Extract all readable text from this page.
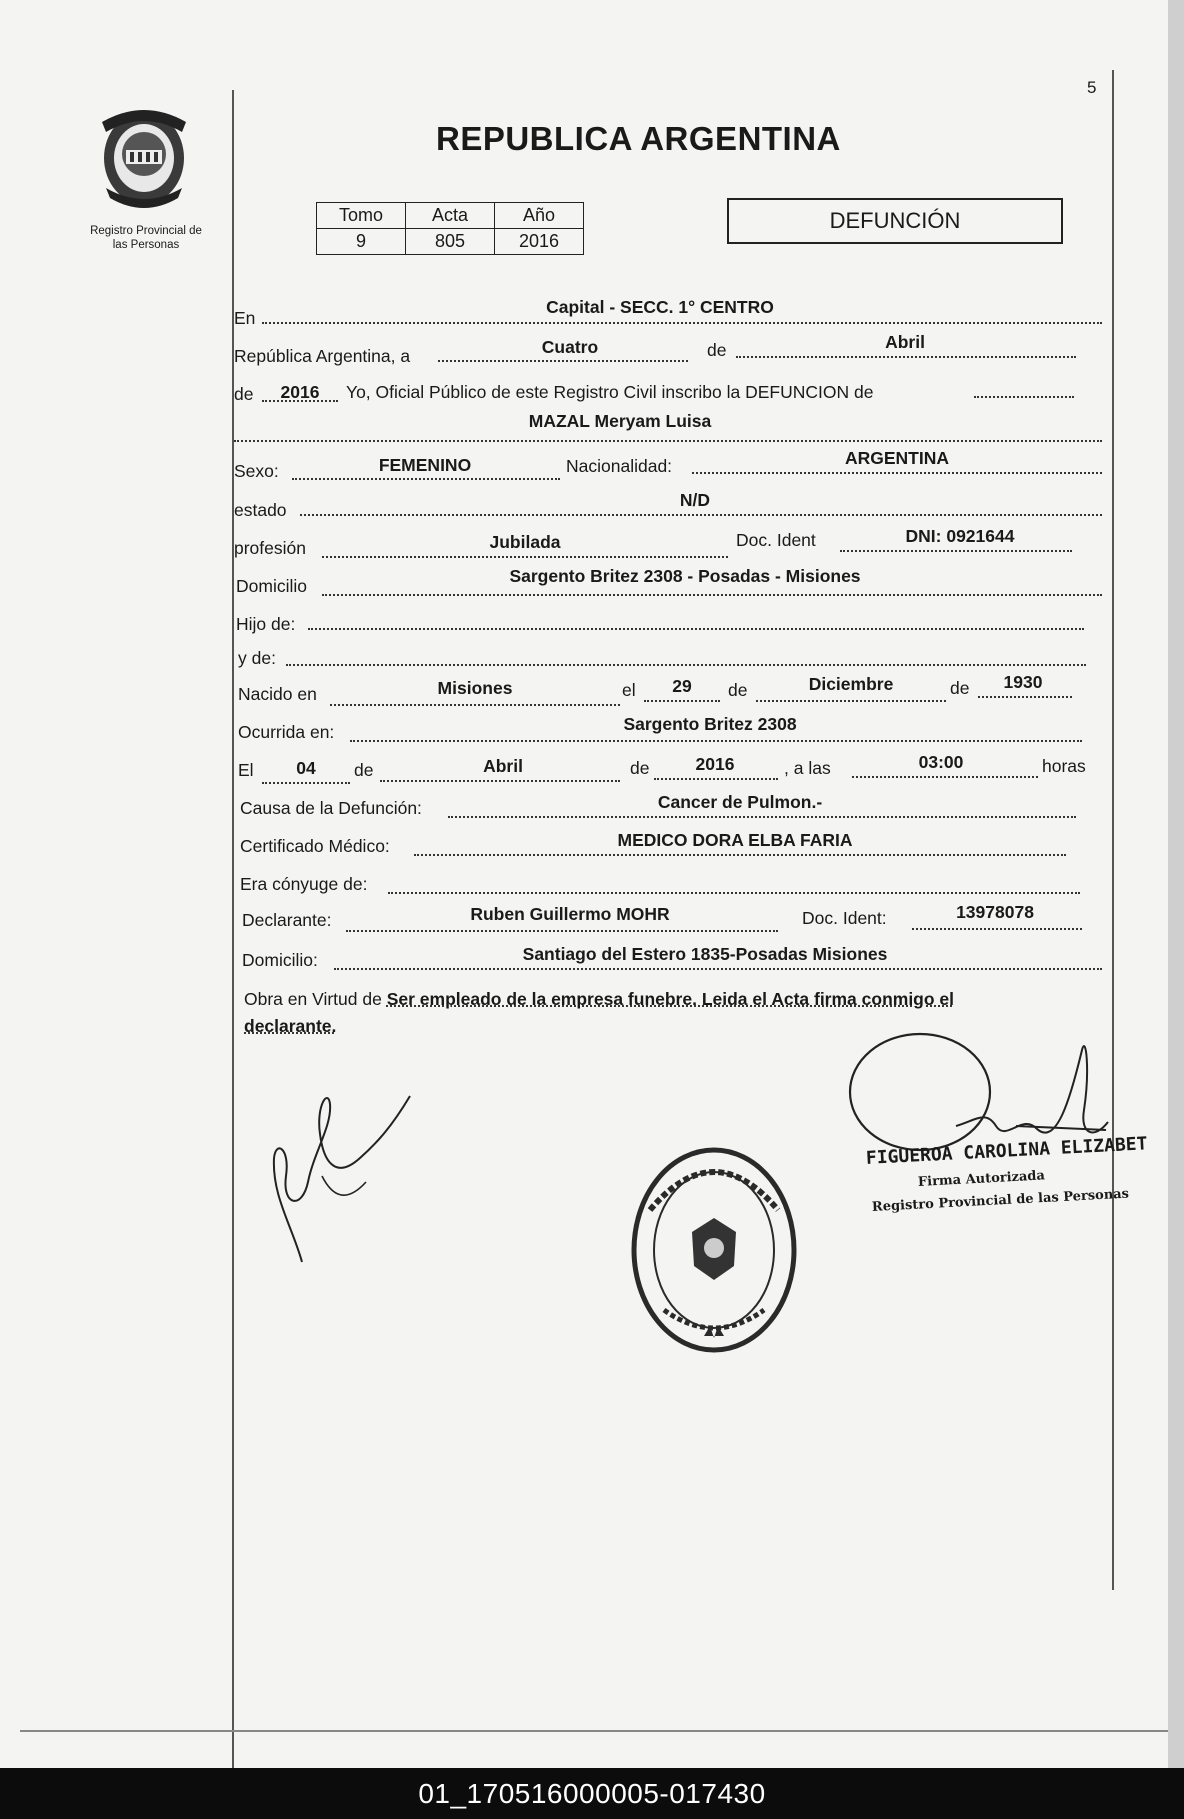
5
Registro Provincial de
las Personas
REPUBLICA ARGENTINA
Tomo	Acta	Año
9	805	2016
DEFUNCIÓN
En
Capital - SECC. 1° CENTRO
República Argentina, a	Cuatro	de	Abril
de	2016	Yo, Oficial Público de este Registro Civil inscribo la DEFUNCION de
MAZAL Meryam Luisa
Sexo:	FEMENINO	Nacionalidad:	ARGENTINA
estado	N/D
profesión	Jubilada	Doc. Ident	DNI: 0921644
Domicilio	Sargento Britez 2308 - Posadas - Misiones
Hijo de:
y de:
Nacido en	Misiones	el	29	de	Diciembre	de	1930
Ocurrida en:	Sargento Britez 2308
El	04	de	Abril	de	2016	, a las	03:00	horas
Causa de la Defunción:	Cancer de Pulmon.-
Certificado Médico:	MEDICO DORA ELBA FARIA
Era cónyuge de:
Declarante:	Ruben Guillermo MOHR	Doc. Ident:	13978078
Domicilio:	Santiago del Estero 1835-Posadas Misiones
Obra en Virtud de Ser empleado de la empresa funebre. Leida el Acta firma conmigo el
declarante.
FIGUEROA CAROLINA ELIZABET
Firma Autorizada
Registro Provincial de las Personas
01_170516000005-017430
